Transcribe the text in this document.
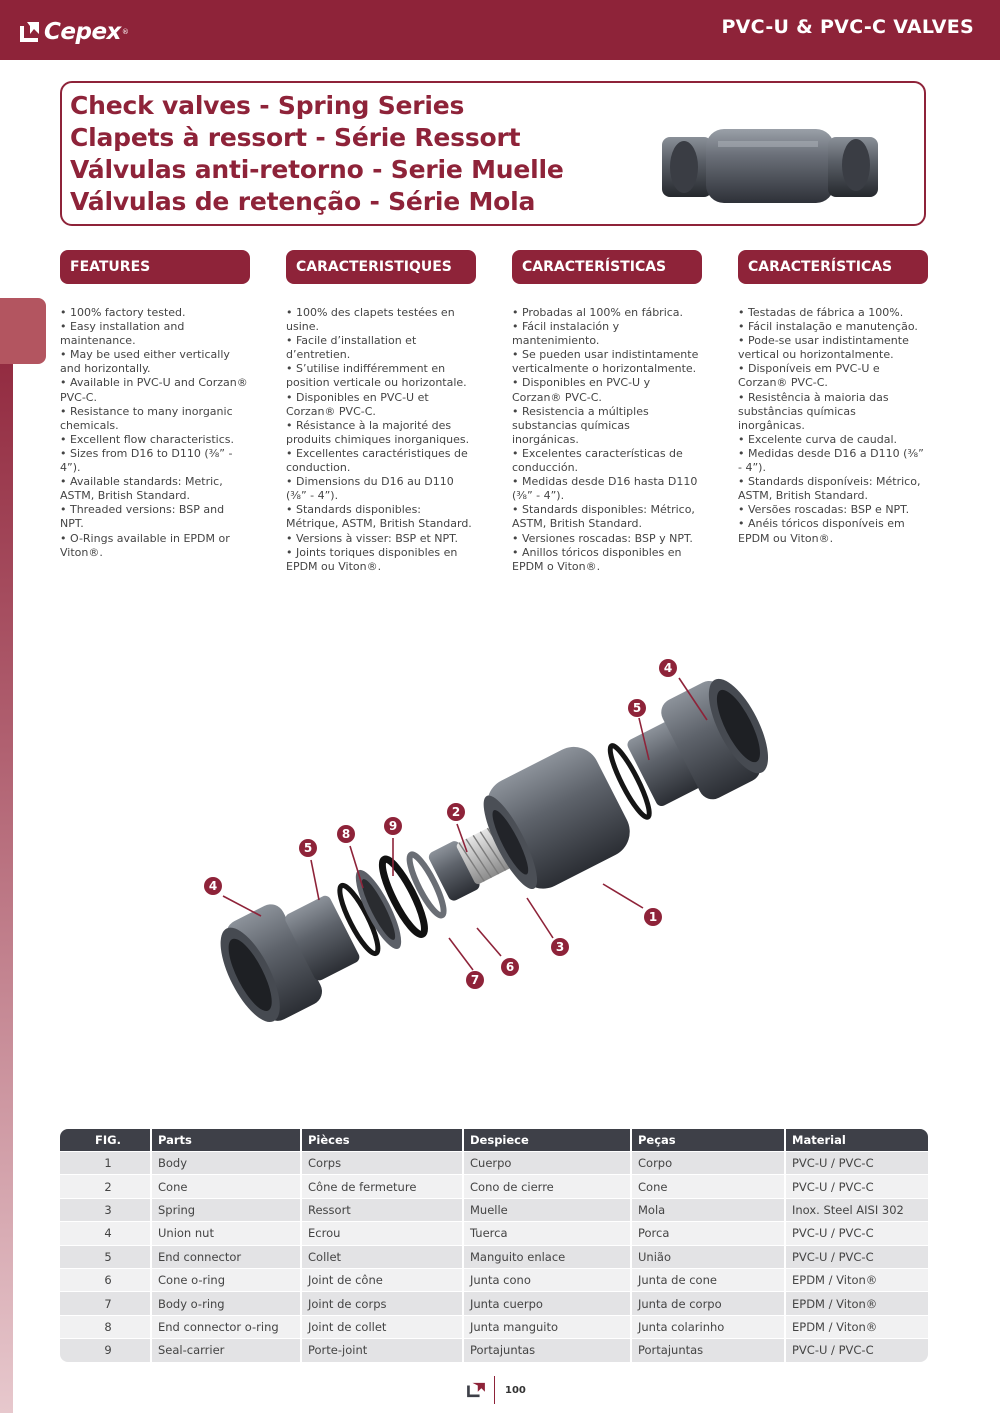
Cepex ®	PVC-U & PVC-C VALVES
Check valves - Spring Series
Clapets à ressort - Série Ressort
Válvulas anti-retorno - Serie Muelle
Válvulas de retenção - Série Mola
FEATURES	CARACTERISTIQUES	CARACTERÍSTICAS	CARACTERÍSTICAS

• 100% factory tested.

• Easy installation and maintenance.

• May be used either vertically and horizontally.

• Available in PVC-U and Corzan® PVC-C.

• Resistance to many inorganic chemicals.

• Excellent flow characteristics.

• Sizes from D16 to D110 (⅜” - 4”).

• Available standards: Metric, ASTM, British Standard.

• Threaded versions: BSP and NPT.

• O-Rings available in EPDM or Viton®.

• 100% des clapets testées en usine.

• Facile d’installation et d’entretien.

• S’utilise indifféremment en position verticale ou horizontale.

• Disponibles en PVC-U et Corzan® PVC-C.

• Résistance à la majorité des produits chimiques inorganiques.

• Excellentes caractéristiques de conduction.

• Dimensions du D16 au D110 (⅜” - 4”).

• Standards disponibles: Métrique, ASTM, British Standard.

• Versions à visser: BSP et NPT.

• Joints toriques disponibles en EPDM ou Viton®.

• Probadas al 100% en fábrica.

• Fácil instalación y mantenimiento.

• Se pueden usar indistintamente verticalmente o horizontalmente.

• Disponibles en PVC-U y Corzan® PVC-C.

• Resistencia a múltiples substancias químicas inorgánicas.

• Excelentes características de conducción.

• Medidas desde D16 hasta D110 (⅜” - 4”).

• Standards disponibles: Métrico, ASTM, British Standard.

• Versiones roscadas: BSP y NPT.

• Anillos tóricos disponibles en EPDM o Viton®.

• Testadas de fábrica a 100%.

• Fácil instalação e manutenção.

• Pode-se usar indistintamente vertical ou horizontalmente.

• Disponíveis em PVC-U e Corzan® PVC-C.

• Resistência à maioria das substâncias químicas inorgânicas.

• Excelente curva de caudal.

• Medidas desde D16 a D110 (⅜” - 4”).

• Standards disponíveis: Métrico, ASTM, British Standard.

• Versões roscadas: BSP e NPT.

• Anéis tóricos disponíveis em EPDM ou Viton®.

4
5
2
9
8
5
4
1
3
6
7
FIG.	Parts	Pièces	Despiece	Peças	Material
1	Body	Corps	Cuerpo	Corpo	PVC-U / PVC-C
2	Cone	Cône de fermeture	Cono de cierre	Cone	PVC-U / PVC-C
3	Spring	Ressort	Muelle	Mola	Inox. Steel AISI 302
4	Union nut	Ecrou	Tuerca	Porca	PVC-U / PVC-C
5	End connector	Collet	Manguito enlace	União	PVC-U / PVC-C
6	Cone o-ring	Joint de cône	Junta cono	Junta de cone	EPDM / Viton®
7	Body o-ring	Joint de corps	Junta cuerpo	Junta de corpo	EPDM / Viton®
8	End connector o-ring	Joint de collet	Junta manguito	Junta colarinho	EPDM / Viton®
9	Seal-carrier	Porte-joint	Portajuntas	Portajuntas	PVC-U / PVC-C
100
